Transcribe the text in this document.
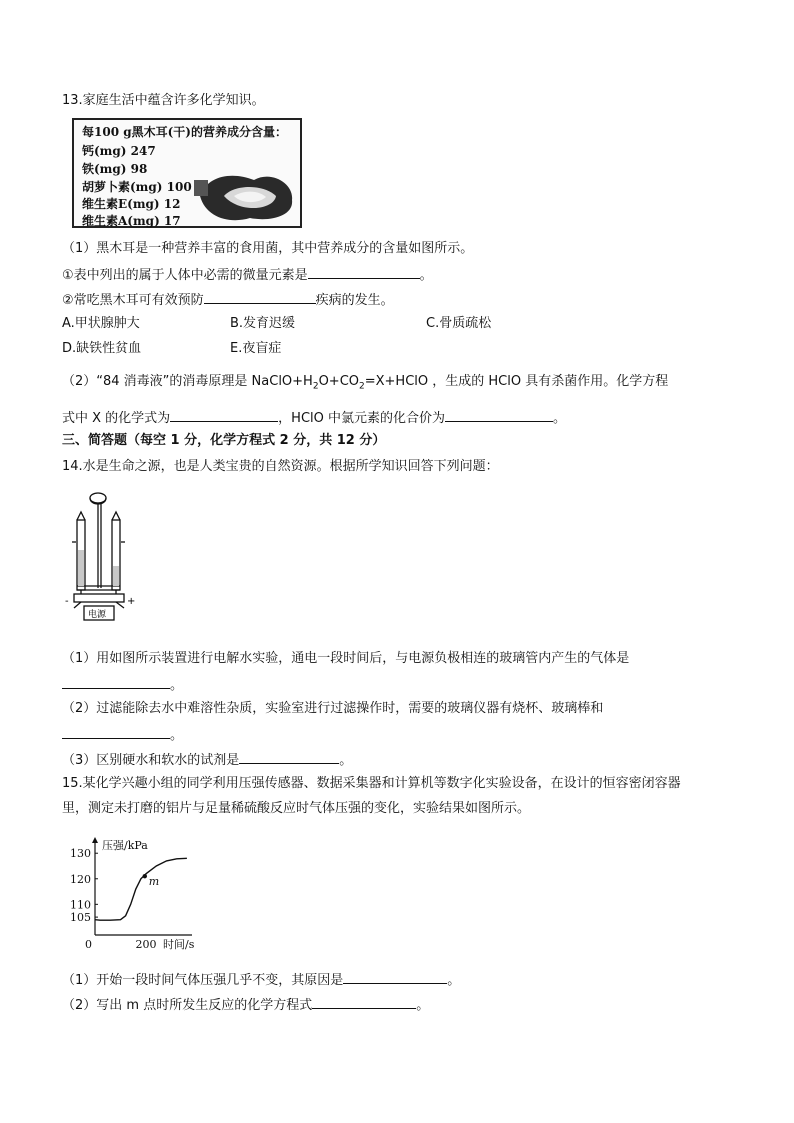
13.家庭生活中蕴含许多化学知识。
每100 g黑木耳(干)的营养成分含量：
钙(mg) 247
铁(mg) 98
胡萝卜素(mg) 100
维生素E(mg) 12
维生素A(mg) 17
（1）黑木耳是一种营养丰富的食用菌，其中营养成分的含量如图所示。
①表中列出的属于人体中必需的微量元素是	。
②常吃黑木耳可有效预防	疾病的发生。
A.甲状腺肿大	B.发育迟缓	C.骨质疏松
D.缺铁性贫血	E.夜盲症
（2）“84 消毒液”的消毒原理是 $NaClO+H_2O+CO_2=X+HClO$ ，生成的 HClO 具有杀菌作用。化学方程
式中 X 的化学式为	，HClO 中氯元素的化合价为	。
三、简答题（每空 1 分，化学方程式 2 分，共 12 分）
14.水是生命之源，也是人类宝贵的自然资源。根据所学知识回答下列问题：
-	+
电源
（1）用如图所示装置进行电解水实验，通电一段时间后，与电源负极相连的玻璃管内产生的气体是
。
（2）过滤能除去水中难溶性杂质，实验室进行过滤操作时，需要的玻璃仪器有烧杯、玻璃棒和
。
（3）区别硬水和软水的试剂是	。
15.某化学兴趣小组的同学利用压强传感器、数据采集器和计算机等数字化实验设备，在设计的恒容密闭容器
里，测定未打磨的铝片与足量稀硫酸反应时气体压强的变化，实验结果如图所示。
压强/kPa
时间/s
0
105
110
120
130
200
m
（1）开始一段时间气体压强几乎不变，其原因是	。
（2）写出 m 点时所发生反应的化学方程式	。
